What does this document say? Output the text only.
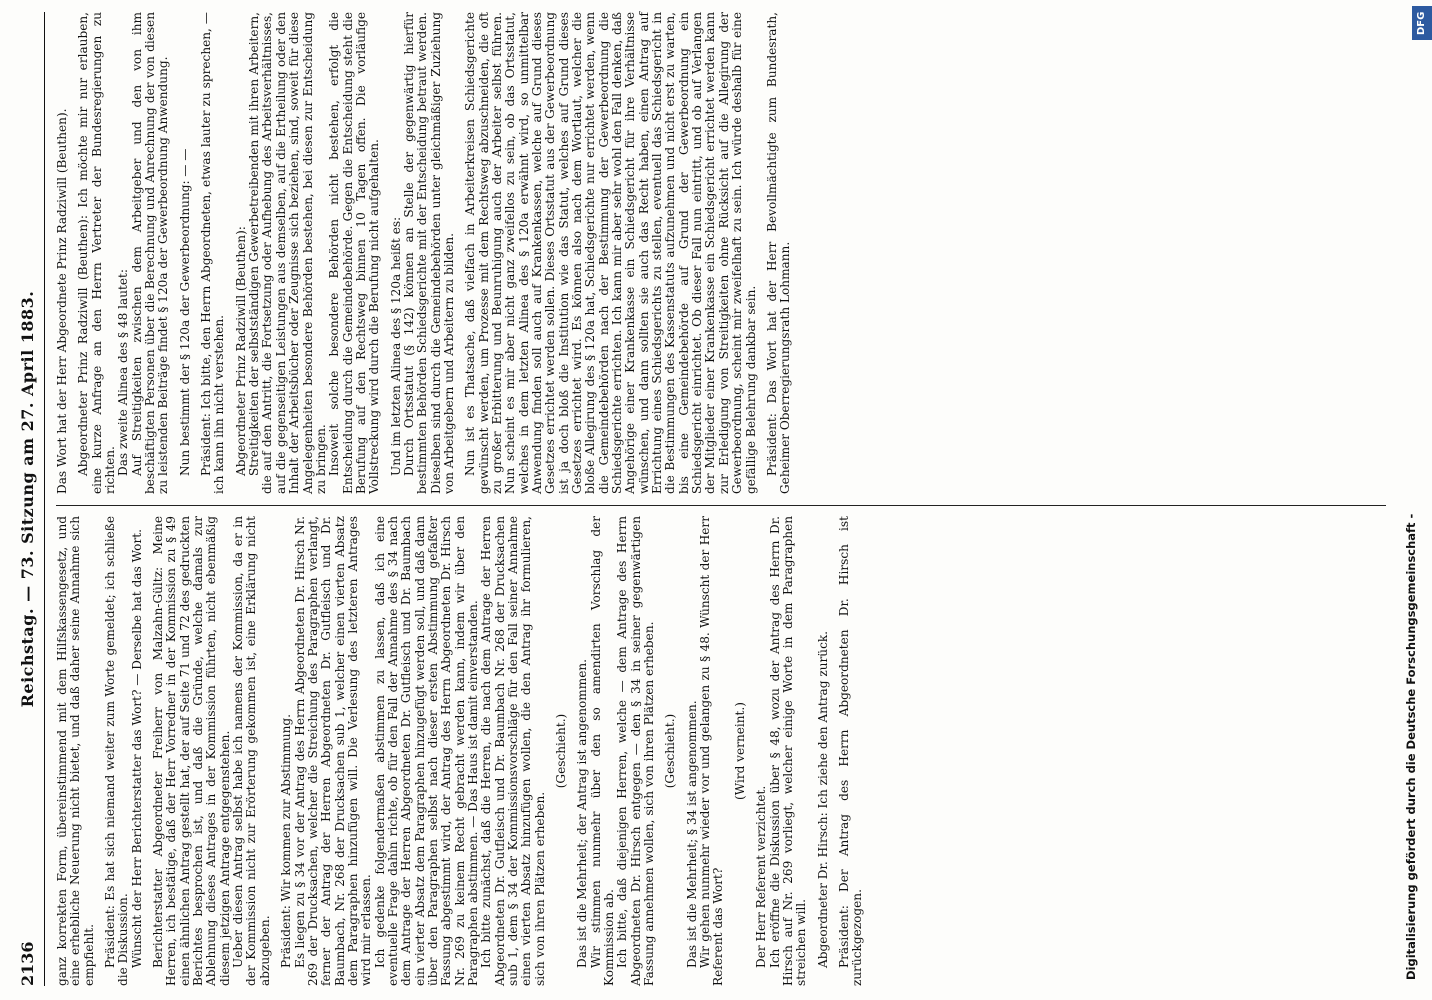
2136
Reichstag. — 73. Sitzung am 27. April 1883.

ganz korrekten Form, übereinstimmend mit dem Hilfskassengesetz, und eine erhebliche Neuerung nicht bietet, und daß daher seine Annahme sich empfiehlt. Präsident: Es hat sich niemand weiter zum Worte gemeldet; ich schließe die Diskussion. Wünscht der Herr Berichterstatter das Wort? — Derselbe hat das Wort. Berichterstatter Abgeordneter Freiherr von Malzahn-Gültz: Meine Herren, ich bestätige, daß der Herr Vorredner in der Kommission zu § 49 einen ähnlichen Antrag gestellt hat, der auf Seite 71 und 72 des gedruckten Berichtes besprochen ist, und daß die Gründe, welche damals zur Ablehnung dieses Antrages in der Kommission führten, nicht ebenmäßig diesem jetzigen Antrage entgegenstehen. Ueber diesen Antrag selbst habe ich namens der Kommission, da er in der Kommission nicht zur Erörterung gekommen ist, eine Erklärung nicht abzugeben. Präsident: Wir kommen zur Abstimmung. Es liegen zu § 34 vor der Antrag des Herrn Abgeordneten Dr. Hirsch Nr. 269 der Drucksachen, welcher die Streichung des Paragraphen verlangt, ferner der Antrag der Herren Abgeordneten Dr. Gutfleisch und Dr. Baumbach, Nr. 268 der Drucksachen sub 1, welcher einen vierten Absatz dem Paragraphen hinzufügen will. Die Verlesung des letzteren Antrages wird mir erlassen. Ich gedenke folgendermaßen abstimmen zu lassen, daß ich eine eventuelle Frage dahin richte, ob für den Fall der Annahme des § 34 nach dem Antrage der Herren Abgeordneten Dr. Gutfleisch und Dr. Baumbach ein vierter Absatz dem Paragraphen hinzugefügt werden soll, und daß dann über den Paragraphen selbst nach dieser ersten Abstimmung gefaßter Fassung abgestimmt wird, der Antrag des Herrn Abgeordneten Dr. Hirsch Nr. 269 zu keinem Recht gebracht werden kann, indem wir über den Paragraphen abstimmen. — Das Haus ist damit einverstanden. Ich bitte zunächst, daß die Herren, die nach dem Antrage der Herren Abgeordneten Dr. Gutfleisch und Dr. Baumbach Nr. 268 der Drucksachen sub 1, dem § 34 der Kommissionsvorschläge für den Fall seiner Annahme einen vierten Absatz hinzufügen wollen, die den Antrag ihr formulieren, sich von ihren Plätzen erheben.

(Geschieht.) Das ist die Mehrheit; der Antrag ist angenommen. Wir stimmen nunmehr über den so amendirten Vorschlag der Kommission ab. Ich bitte, daß diejenigen Herren, welche — dem Antrage des Herrn Abgeordneten Dr. Hirsch entgegen — den § 34 in seiner gegenwärtigen Fassung annehmen wollen, sich von ihren Plätzen erheben. (Geschieht.) Das ist die Mehrheit; § 34 ist angenommen. Wir gehen nunmehr wieder vor und gelangen zu § 48. Wünscht der Herr Referent das Wort?

(Wird verneint.)

Der Herr Referent verzichtet. Ich eröffne die Diskussion über § 48, wozu der Antrag des Herrn Dr. Hirsch auf Nr. 269 vorliegt, welcher einige Worte in dem Paragraphen streichen will. Abgeordneter Dr. Hirsch: Ich ziehe den Antrag zurück. Präsident: Der Antrag des Herrn Abgeordneten Dr. Hirsch ist zurückgezogen.

Das Wort hat der Herr Abgeordnete Prinz Radziwill (Beuthen). Abgeordneter Prinz Radziwill (Beuthen): Ich möchte mir nur erlauben, eine kurze Anfrage an den Herrn Vertreter der Bundesregierungen zu richten. Das zweite Alinea des § 48 lautet: Auf Streitigkeiten zwischen dem Arbeitgeber und den von ihm beschäftigten Personen über die Berechnung und Anrechnung der von diesen zu leistenden Beiträge findet § 120a der Gewerbeordnung Anwendung. Nun bestimmt der § 120a der Gewerbeordnung: — — Präsident: Ich bitte, den Herrn Abgeordneten, etwas lauter zu sprechen, — ich kann ihn nicht verstehen. Abgeordneter Prinz Radziwill (Beuthen): Streitigkeiten der selbstständigen Gewerbetreibenden mit ihren Arbeitern, die auf den Antritt, die Fortsetzung oder Aufhebung des Arbeitsverhältnisses, auf die gegenseitigen Leistungen aus demselben, auf die Ertheilung oder den Inhalt der Arbeitsbücher oder Zeugnisse sich beziehen, sind, soweit für diese Angelegenheiten besondere Behörden bestehen, bei diesen zur Entscheidung zu bringen. Insoweit solche besondere Behörden nicht bestehen, erfolgt die Entscheidung durch die Gemeindebehörde. Gegen die Entscheidung steht die Berufung auf den Rechtsweg binnen 10 Tagen offen. Die vorläufige Vollstreckung wird durch die Berufung nicht aufgehalten. Und im letzten Alinea des § 120a heißt es: Durch Ortsstatut (§ 142) können an Stelle der gegenwärtig hierfür bestimmten Behörden Schiedsgerichte mit der Entscheidung betraut werden. Dieselben sind durch die Gemeindebehörden unter gleichmäßiger Zuziehung von Arbeitgebern und Arbeitern zu bilden. Nun ist es Thatsache, daß vielfach in Arbeiterkreisen Schiedsgerichte gewünscht werden, um Prozesse mit dem Rechtsweg abzuschneiden, die oft zu großer Erbitterung und Beunruhigung auch der Arbeiter selbst führen. Nun scheint es mir aber nicht ganz zweifellos zu sein, ob das Ortsstatut, welches in dem letzten Alinea des § 120a erwähnt wird, so unmittelbar Anwendung finden soll auch auf Krankenkassen, welche auf Grund dieses Gesetzes errichtet werden sollen. Dieses Ortsstatut aus der Gewerbeordnung ist ja doch bloß die Institution wie das Statut, welches auf Grund dieses Gesetzes errichtet wird. Es können also nach dem Wortlaut, welcher die bloße Allegirung des § 120a hat, Schiedsgerichte nur errichtet werden, wenn die Gemeindebehörden nach der Bestimmung der Gewerbeordnung die Schiedsgerichte errichten. Ich kann mir aber sehr wohl den Fall denken, daß Angehörige einer Krankenkasse ein Schiedsgericht für ihre Verhältnisse wünschen, und dann sollten sie auch das Recht haben, einen Antrag auf Errichtung eines Schiedsgerichts zu stellen, eventuell das Schiedsgericht in die Bestimmungen des Kassenstatuts aufzunehmen und nicht erst zu warten, bis eine Gemeindebehörde auf Grund der Gewerbeordnung ein Schiedsgericht einrichtet. Ob dieser Fall nun eintritt, und ob auf Verlangen der Mitglieder einer Krankenkasse ein Schiedsgericht errichtet werden kann zur Erledigung von Streitigkeiten ohne Rücksicht auf die Allegirung der Gewerbeordnung, scheint mir zweifelhaft zu sein. Ich würde deshalb für eine gefällige Belehrung dankbar sein. Präsident: Das Wort hat der Herr Bevollmächtigte zum Bundesrath, Geheimer Oberregierungsrath Lohmann.

Digitalisierung gefördert durch die Deutsche Forschungsgemeinschaft -
DFG
